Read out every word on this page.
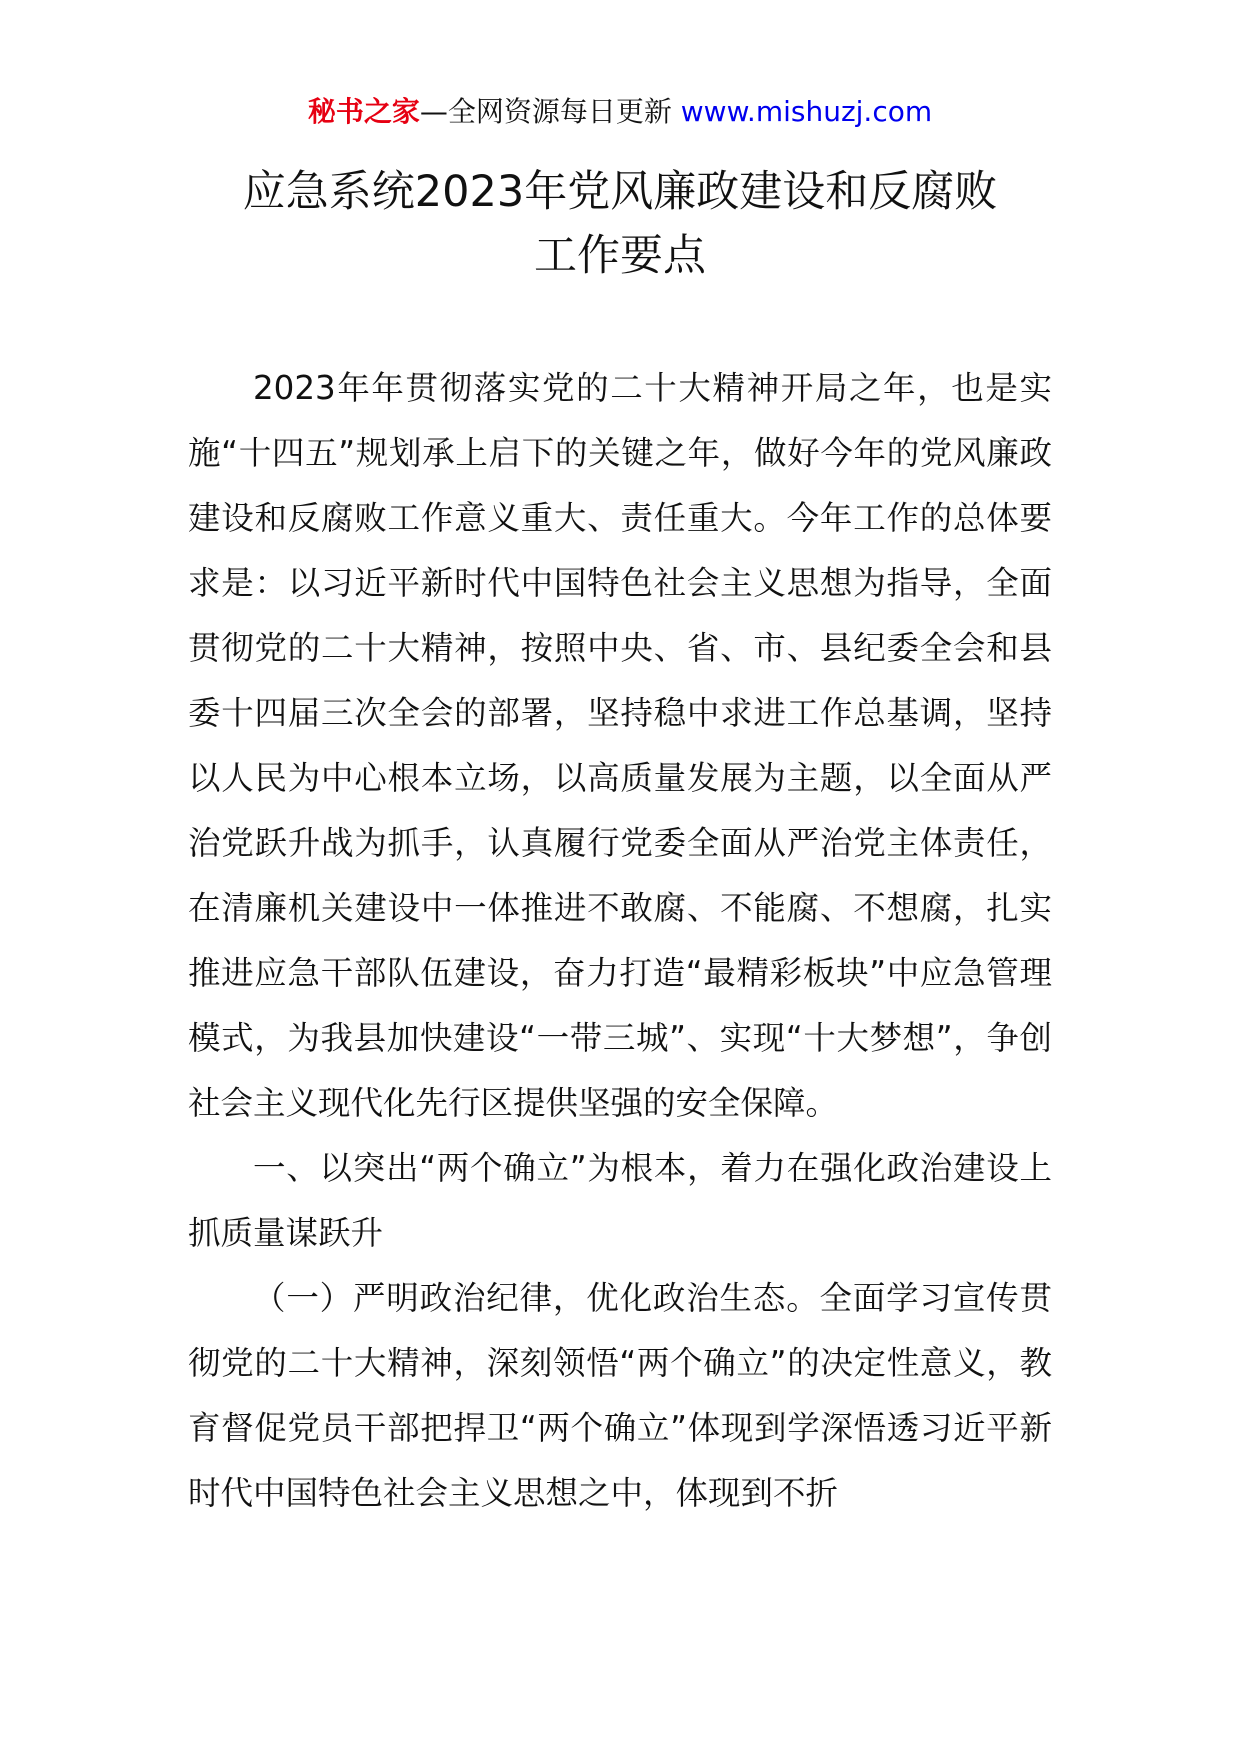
秘书之家—全网资源每日更新 www.mishuzj.com
应急系统2023年党风廉政建设和反腐败
工作要点

2023年年贯彻落实党的二十大精神开局之年，也是实施“十四五”规划承上启下的关键之年，做好今年的党风廉政建设和反腐败工作意义重大、责任重大。今年工作的总体要求是：以习近平新时代中国特色社会主义思想为指导，全面贯彻党的二十大精神，按照中央、省、市、县纪委全会和县委十四届三次全会的部署，坚持稳中求进工作总基调，坚持以人民为中心根本立场，以高质量发展为主题，以全面从严治党跃升战为抓手，认真履行党委全面从严治党主体责任，在清廉机关建设中一体推进不敢腐、不能腐、不想腐，扎实推进应急干部队伍建设，奋力打造“最精彩板块”中应急管理模式，为我县加快建设“一带三城”、实现“十大梦想”，争创社会主义现代化先行区提供坚强的安全保障。

一、以突出“两个确立”为根本，着力在强化政治建设上抓质量谋跃升

（一）严明政治纪律，优化政治生态。全面学习宣传贯彻党的二十大精神，深刻领悟“两个确立”的决定性意义，教育督促党员干部把捍卫“两个确立”体现到学深悟透习近平新时代中国特色社会主义思想之中，体现到不折
